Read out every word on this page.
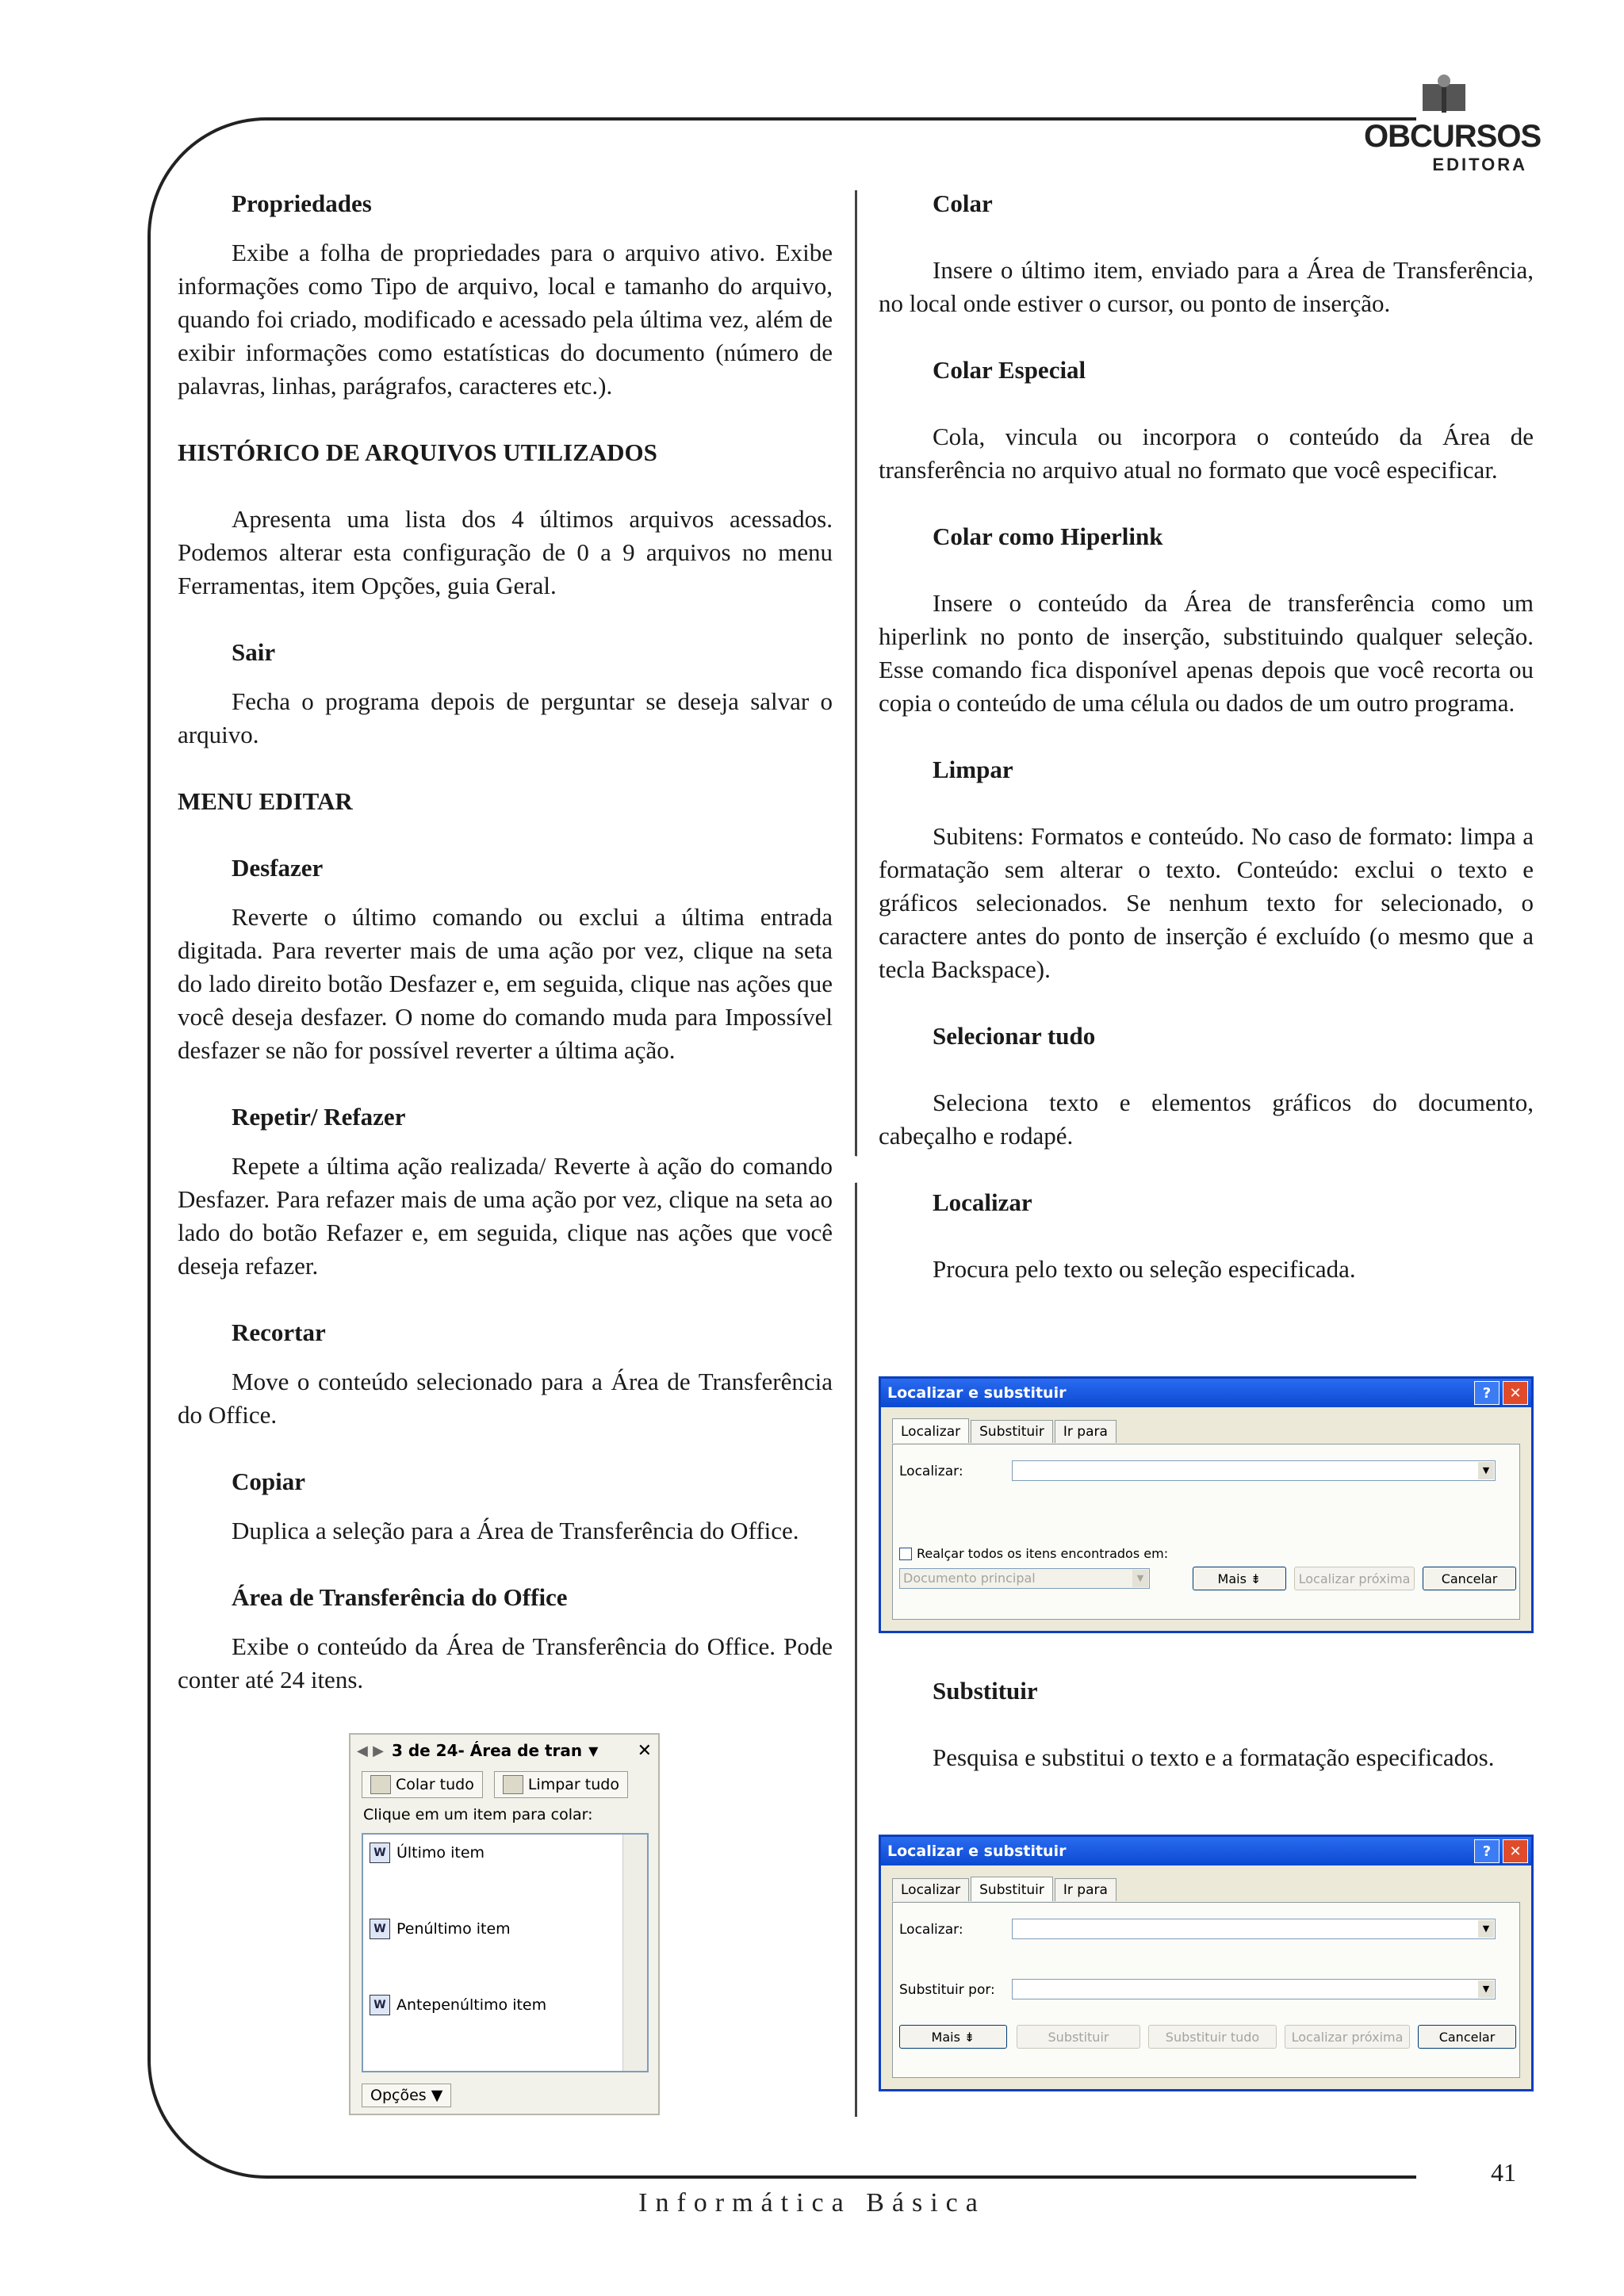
OBCURSOS
EDITORA
Propriedades

Exibe a folha de propriedades para o arquivo ativo. Exibe informações como Tipo de arquivo, local e tamanho do arquivo, quando foi criado, modificado e acessado pela última vez, além de exibir informações como estatísticas do documento (número de palavras, linhas, parágrafos, caracteres etc.).

HISTÓRICO DE ARQUIVOS UTILIZADOS

Apresenta uma lista dos 4 últimos arquivos acessados. Podemos alterar esta configuração de 0 a 9 arquivos no menu Ferramentas, item Opções, guia Geral.

Sair

Fecha o programa depois de perguntar se deseja salvar o arquivo.

MENU EDITAR
Desfazer

Reverte o último comando ou exclui a última entrada digitada. Para reverter mais de uma ação por vez, clique na seta do lado direito botão Desfazer e, em seguida, clique nas ações que você deseja desfazer. O nome do comando muda para Impossível desfazer se não for possível reverter a última ação.

Repetir/ Refazer

Repete a última ação realizada/ Reverte à ação do comando Desfazer. Para refazer mais de uma ação por vez, clique na seta ao lado do botão Refazer e, em seguida, clique nas ações que você deseja refazer.

Recortar

Move o conteúdo selecionado para a Área de Transferência do Office.

Copiar

Duplica a seleção para a Área de Transferência do Office.

Área de Transferência do Office

Exibe o conteúdo da Área de Transferência do Office. Pode conter até 24 itens.

Colar

Insere o último item, enviado para a Área de Transferência, no local onde estiver o cursor, ou ponto de inserção.

Colar Especial

Cola, vincula ou incorpora o conteúdo da Área de transferência no arquivo atual no formato que você especificar.

Colar como Hiperlink

Insere o conteúdo da Área de transferência como um hiperlink no ponto de inserção, substituindo qualquer seleção. Esse comando fica disponível apenas depois que você recorta ou copia o conteúdo de uma célula ou dados de um outro programa.

Limpar

Subitens: Formatos e conteúdo. No caso de formato: limpa a formatação sem alterar o texto. Conteúdo: exclui o texto e gráficos selecionados. Se nenhum texto for selecionado, o caractere antes do ponto de inserção é excluído (o mesmo que a tecla Backspace).

Selecionar tudo

Seleciona texto e elementos gráficos do documento, cabeçalho e rodapé.

Localizar

Procura pelo texto ou seleção especificada.

Substituir

Pesquisa e substitui o texto e a formatação especificados.

◀ ▶ 3 de 24- Área de tran ▼ ✕
Colar tudo	Limpar tudo
Clique em um item para colar:
W Último item
W Penúltimo item
W Antepenúltimo item
Opções ▼
Localizar e substituir	?	✕
Localizar	Substituir	Ir para
Localizar:	▼
Realçar todos os itens encontrados em:
Documento principal	▼	Mais ⇟	Localizar próxima	Cancelar
Localizar e substituir	?	✕
Localizar	Substituir	Ir para
Localizar:	▼
Substituir por:	▼
Mais ⇟	Substituir	Substituir tudo	Localizar próxima	Cancelar
41
Informática Básica
